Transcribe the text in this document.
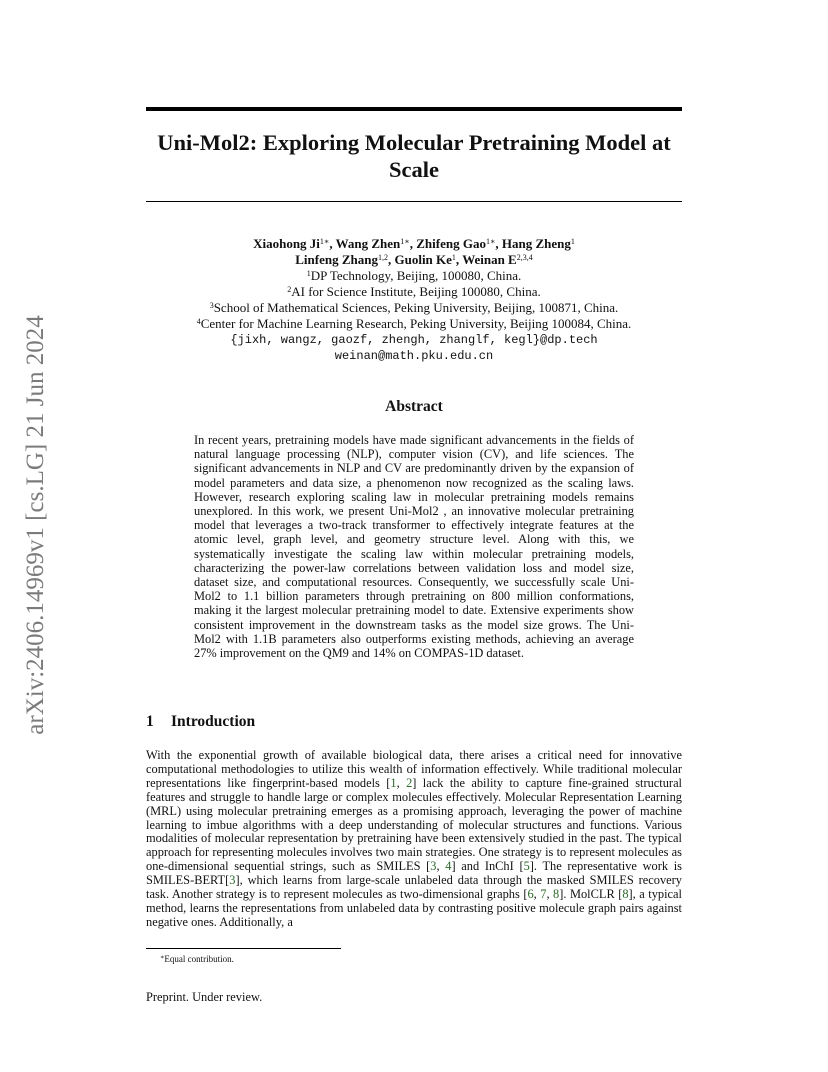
arXiv:2406.14969v1 [cs.LG] 21 Jun 2024
Uni-Mol2: Exploring Molecular Pretraining Model at Scale
Xiaohong $Ji^{1∗}$, Wang Zhen$^{1∗}$, Zhifeng Gao$^{1∗}$, Hang Zheng$^1$
Linfeng Zhang$^{1,2}$, Guolin Ke$^1$, Weinan E$^{2,3,4}$
$^1$DP Technology, Beijing, 100080, China.
$^2$AI for Science Institute, Beijing 100080, China.
$^3$School of Mathematical Sciences, Peking University, Beijing, 100871, China.
$^4$Center for Machine Learning Research, Peking University, Beijing 100084, China.
{jixh, wangz, gaozf, zhengh, zhanglf, kegl}@dp.tech
weinan@math.pku.edu.cn
Abstract

In recent years, pretraining models have made significant advancements in the fields of natural language processing (NLP), computer vision (CV), and life sciences. The significant advancements in NLP and CV are predominantly driven by the expansion of model parameters and data size, a phenomenon now recognized as the scaling laws. However, research exploring scaling law in molecular pretraining models remains unexplored. In this work, we present Uni-Mol2 , an innovative molecular pretraining model that leverages a two-track transformer to effectively integrate features at the atomic level, graph level, and geometry structure level. Along with this, we systematically investigate the scaling law within molecular pretraining models, characterizing the power-law correlations between validation loss and model size, dataset size, and computational resources. Consequently, we successfully scale Uni-Mol2 to 1.1 billion parameters through pretraining on 800 million conformations, making it the largest molecular pretraining model to date. Extensive experiments show consistent improvement in the downstream tasks as the model size grows. The Uni-Mol2 with 1.1B parameters also outperforms existing methods, achieving an average 27% improvement on the QM9 and 14% on COMPAS-1D dataset.

1 Introduction

With the exponential growth of available biological data, there arises a critical need for innovative computational methodologies to utilize this wealth of information effectively. While traditional molecular representations like fingerprint-based models [1, 2] lack the ability to capture fine-grained structural features and struggle to handle large or complex molecules effectively. Molecular Representation Learning (MRL) using molecular pretraining emerges as a promising approach, leveraging the power of machine learning to imbue algorithms with a deep understanding of molecular structures and functions. Various modalities of molecular representation by pretraining have been extensively studied in the past. The typical approach for representing molecules involves two main strategies. One strategy is to represent molecules as one-dimensional sequential strings, such as SMILES [3, 4] and InChI [5]. The representative work is SMILES-BERT[3], which learns from large-scale unlabeled data through the masked SMILES recovery task. Another strategy is to represent molecules as two-dimensional graphs [6, 7, 8]. MolCLR [8], a typical method, learns the representations from unlabeled data by contrasting positive molecule graph pairs against negative ones. Additionally, a

∗Equal contribution.
Preprint. Under review.
